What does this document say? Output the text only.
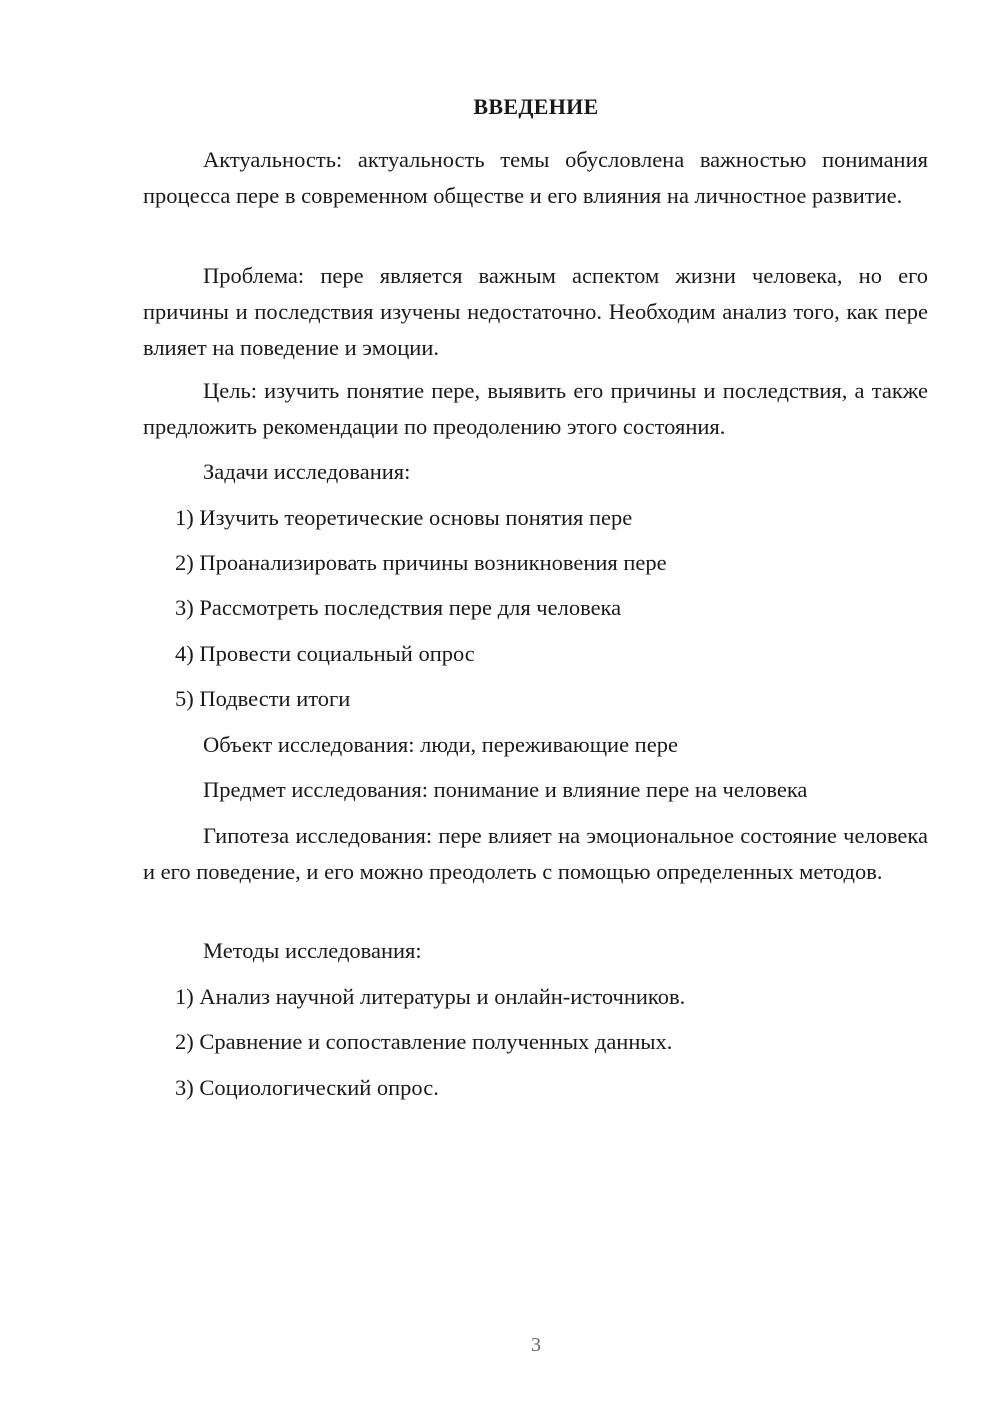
ВВЕДЕНИЕ

Актуальность: актуальность темы обусловлена важностью понимания процесса пере в современном обществе и его влияния на личностное развитие.

Проблема: пере является важным аспектом жизни человека, но его причины и последствия изучены недостаточно. Необходим анализ того, как пере влияет на поведение и эмоции.

Цель: изучить понятие пере, выявить его причины и последствия, а также предложить рекомендации по преодолению этого состояния.

Задачи исследования:

1) Изучить теоретические основы понятия пере

2) Проанализировать причины возникновения пере

3) Рассмотреть последствия пере для человека

4) Провести социальный опрос

5) Подвести итоги

Объект исследования: люди, переживающие пере

Предмет исследования: понимание и влияние пере на человека

Гипотеза исследования: пере влияет на эмоциональное состояние человека и его поведение, и его можно преодолеть с помощью определенных методов.

Методы исследования:

1) Анализ научной литературы и онлайн-источников.

2) Сравнение и сопоставление полученных данных.

3) Социологический опрос.

3
